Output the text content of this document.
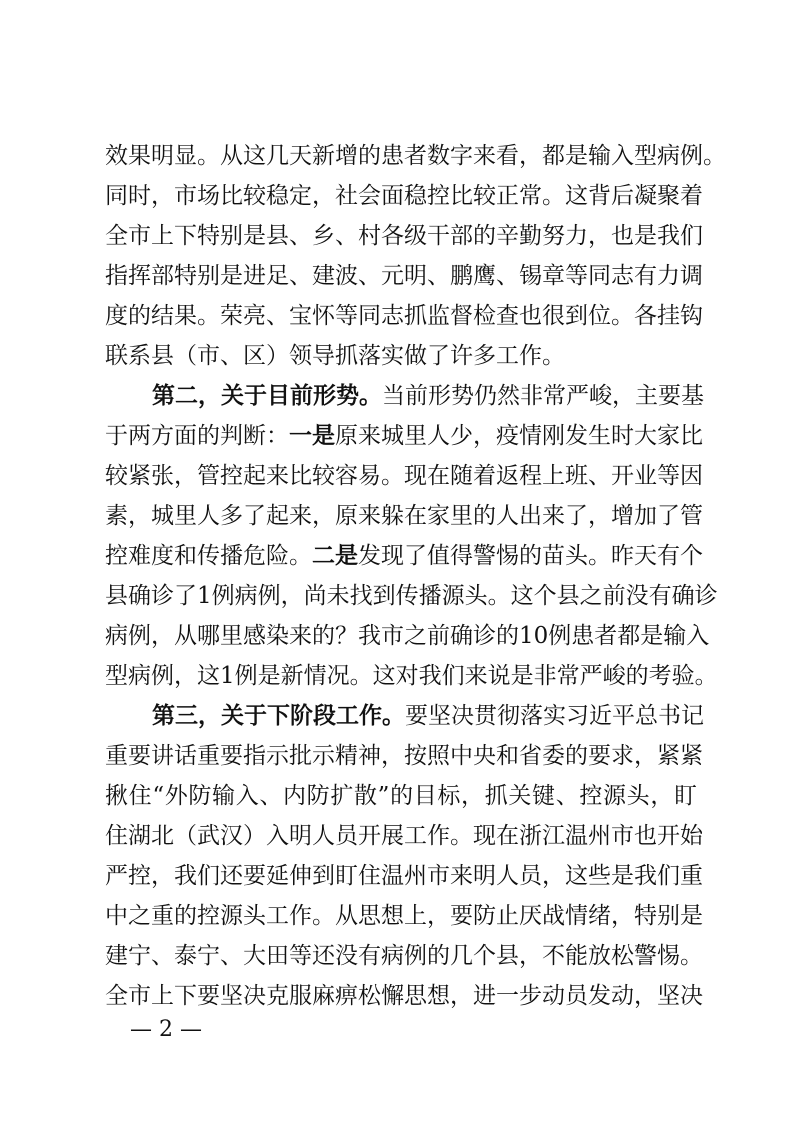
效果明显。从这几天新增的患者数字来看，都是输入型病例。
同时，市场比较稳定，社会面稳控比较正常。这背后凝聚着
全市上下特别是县、乡、村各级干部的辛勤努力，也是我们
指挥部特别是进足、建波、元明、鹏鹰、锡章等同志有力调
度的结果。荣亮、宝怀等同志抓监督检查也很到位。各挂钩
联系县（市、区）领导抓落实做了许多工作。
第二，关于目前形势。当前形势仍然非常严峻，主要基
于两方面的判断：一是原来城里人少，疫情刚发生时大家比
较紧张，管控起来比较容易。现在随着返程上班、开业等因
素，城里人多了起来，原来躲在家里的人出来了，增加了管
控难度和传播危险。二是发现了值得警惕的苗头。昨天有个
县确诊了1例病例，尚未找到传播源头。这个县之前没有确诊
病例，从哪里感染来的？我市之前确诊的10例患者都是输入
型病例，这1例是新情况。这对我们来说是非常严峻的考验。
第三，关于下阶段工作。要坚决贯彻落实习近平总书记
重要讲话重要指示批示精神，按照中央和省委的要求，紧紧
揪住“外防输入、内防扩散”的目标，抓关键、控源头，盯
住湖北（武汉）入明人员开展工作。现在浙江温州市也开始
严控，我们还要延伸到盯住温州市来明人员，这些是我们重
中之重的控源头工作。从思想上，要防止厌战情绪，特别是
建宁、泰宁、大田等还没有病例的几个县，不能放松警惕。
全市上下要坚决克服麻痹松懈思想，进一步动员发动，坚决
— 2 —
